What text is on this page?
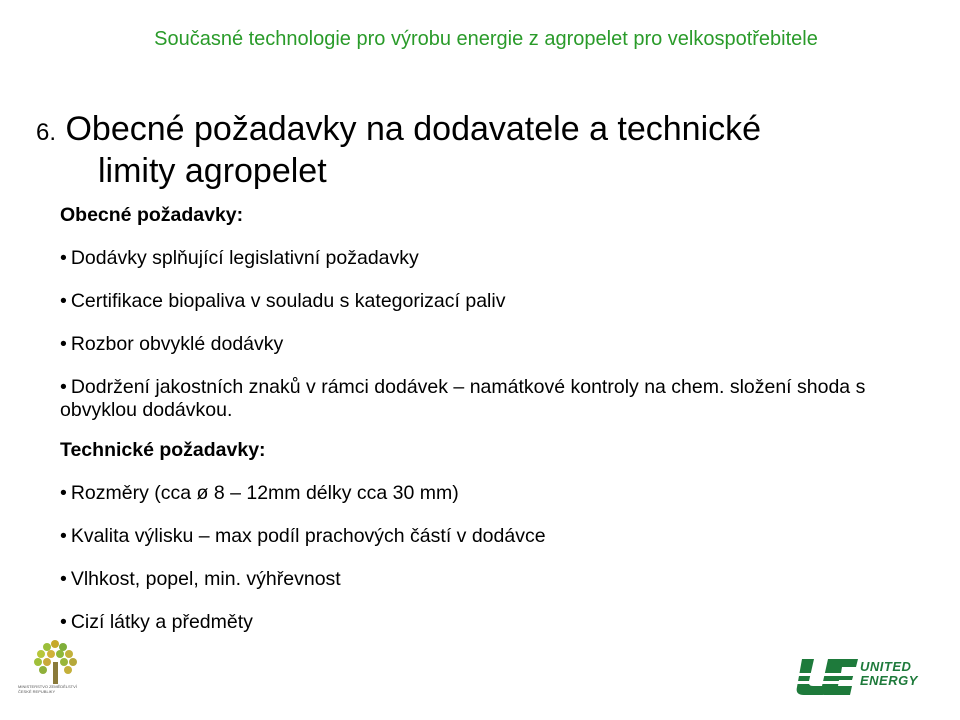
Současné technologie pro výrobu energie z agropelet pro velkospotřebitele
6. Obecné požadavky na dodavatele a technické
limity agropelet

Obecné požadavky:

• Dodávky splňující legislativní požadavky

• Certifikace biopaliva v souladu s kategorizací paliv

• Rozbor obvyklé dodávky

• Dodržení jakostních znaků v rámci dodávek – namátkové kontroly na chem. složení shoda s obvyklou dodávkou.

Technické požadavky:

• Rozměry (cca ø 8 – 12mm délky cca 30 mm)

• Kvalita výlisku – max podíl prachových částí v dodávce

• Vlhkost, popel, min. výhřevnost

• Cizí látky a předměty

MINISTERSTVO ZEMĚDĚLSTVÍ
ČESKÉ REPUBLIKY
UNITED
ENERGY
